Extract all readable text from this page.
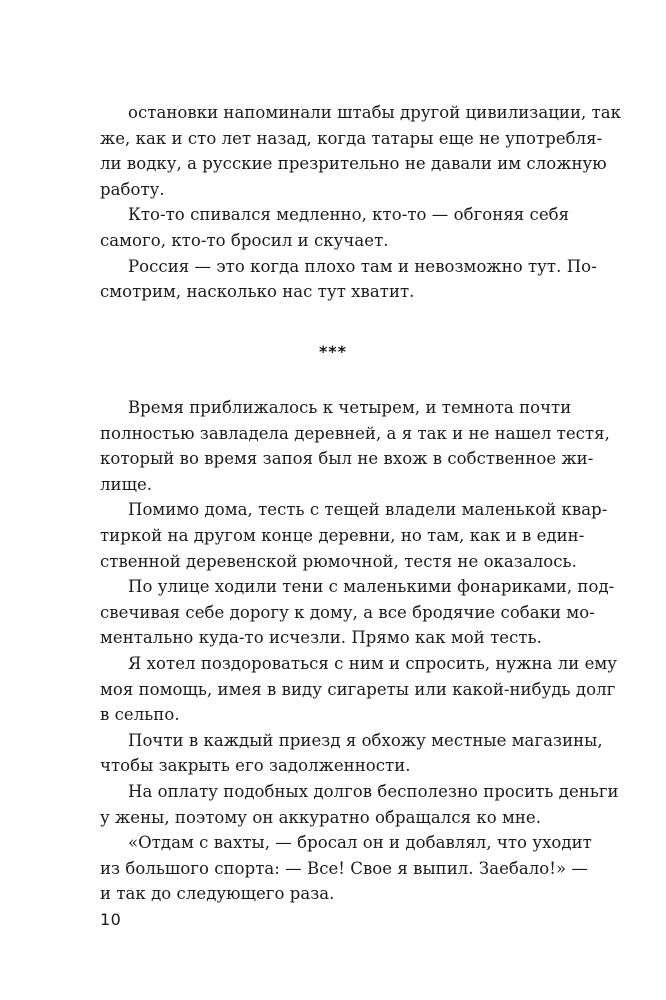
остановки напоминали штабы другой цивилизации, так
же, как и сто лет назад, когда татары еще не употребля-
ли водку, а русские презрительно не давали им сложную
работу.
Кто-то спивался медленно, кто-то — обгоняя себя
самого, кто-то бросил и скучает.
Россия — это когда плохо там и невозможно тут. По-
смотрим, насколько нас тут хватит.
***
Время приближалось к четырем, и темнота почти
полностью завладела деревней, а я так и не нашел тестя,
который во время запоя был не вхож в собственное жи-
лище.
Помимо дома, тесть с тещей владели маленькой квар-
тиркой на другом конце деревни, но там, как и в един-
ственной деревенской рюмочной, тестя не оказалось.
По улице ходили тени с маленькими фонариками, под-
свечивая себе дорогу к дому, а все бродячие собаки мо-
ментально куда-то исчезли. Прямо как мой тесть.
Я хотел поздороваться с ним и спросить, нужна ли ему
моя помощь, имея в виду сигареты или какой-нибудь долг
в сельпо.
Почти в каждый приезд я обхожу местные магазины,
чтобы закрыть его задолженности.
На оплату подобных долгов бесполезно просить деньги
у жены, поэтому он аккуратно обращался ко мне.
«Отдам с вахты, — бросал он и добавлял, что уходит
из большого спорта: — Все! Свое я выпил. Заебало!» —
и так до следующего раза.
10
